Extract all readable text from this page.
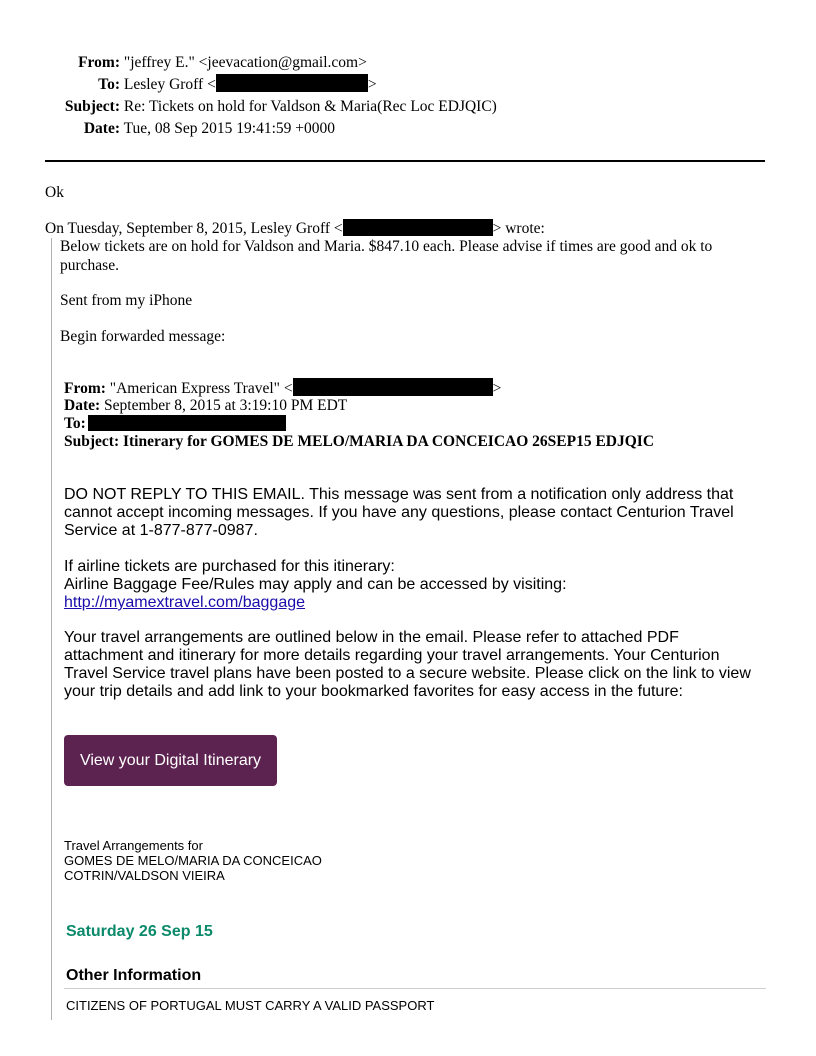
From: "jeffrey E." <jeevacation@gmail.com>
To: Lesley Groff <	>
Subject: Re: Tickets on hold for Valdson & Maria(Rec Loc EDJQIC)
Date: Tue, 08 Sep 2015 19:41:59 +0000
Ok
On Tuesday, September 8, 2015, Lesley Groff <	> wrote:
Below tickets are on hold for Valdson and Maria. $847.10 each. Please advise if times are good and ok to
purchase.
Sent from my iPhone
Begin forwarded message:
From: "American Express Travel" <	>
Date: September 8, 2015 at 3:19:10 PM EDT
To:
Subject: Itinerary for GOMES DE MELO/MARIA DA CONCEICAO 26SEP15 EDJQIC
DO NOT REPLY TO THIS EMAIL. This message was sent from a notification only address that
cannot accept incoming messages. If you have any questions, please contact Centurion Travel
Service at 1-877-877-0987.
If airline tickets are purchased for this itinerary:
Airline Baggage Fee/Rules may apply and can be accessed by visiting:
http://myamextravel.com/baggage
Your travel arrangements are outlined below in the email. Please refer to attached PDF
attachment and itinerary for more details regarding your travel arrangements. Your Centurion
Travel Service travel plans have been posted to a secure website. Please click on the link to view
your trip details and add link to your bookmarked favorites for easy access in the future:
View your Digital Itinerary
Travel Arrangements for
GOMES DE MELO/MARIA DA CONCEICAO
COTRIN/VALDSON VIEIRA
Saturday 26 Sep 15
Other Information
CITIZENS OF PORTUGAL MUST CARRY A VALID PASSPORT
